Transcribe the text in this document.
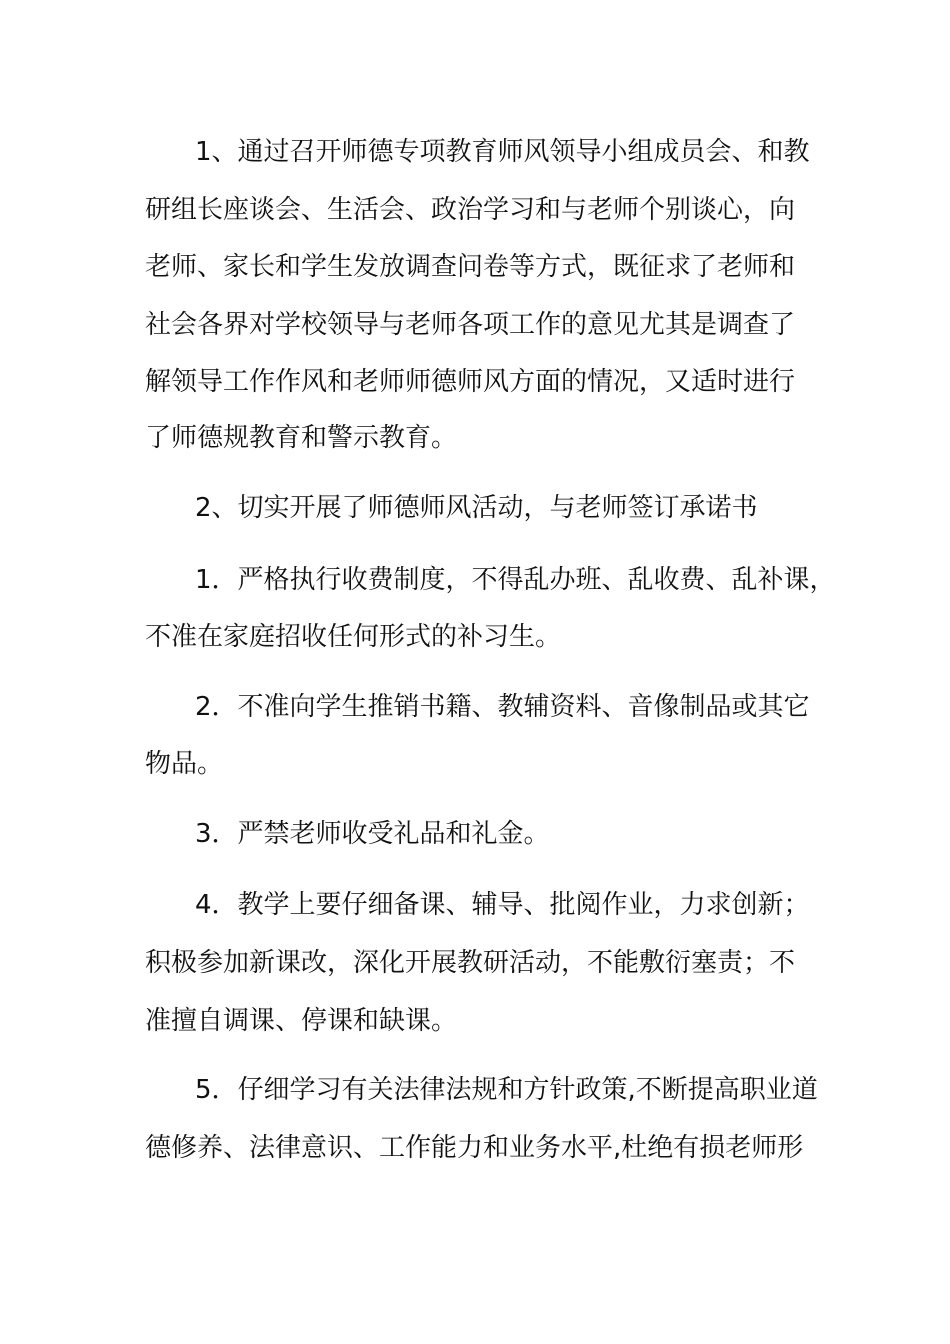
1、通过召开师德专项教育师风领导小组成员会、和教
研组长座谈会、生活会、政治学习和与老师个别谈心，向
老师、家长和学生发放调查问卷等方式，既征求了老师和
社会各界对学校领导与老师各项工作的意见尤其是调查了
解领导工作作风和老师师德师风方面的情况，又适时进行
了师德规教育和警示教育。
2、切实开展了师德师风活动，与老师签订承诺书
1．严格执行收费制度，不得乱办班、乱收费、乱补课，
不准在家庭招收任何形式的补习生。
2．不准向学生推销书籍、教辅资料、音像制品或其它
物品。
3．严禁老师收受礼品和礼金。
4．教学上要仔细备课、辅导、批阅作业，力求创新；
积极参加新课改，深化开展教研活动，不能敷衍塞责；不
准擅自调课、停课和缺课。
5．仔细学习有关法律法规和方针政策,不断提高职业道
德修养、法律意识、工作能力和业务水平,杜绝有损老师形
